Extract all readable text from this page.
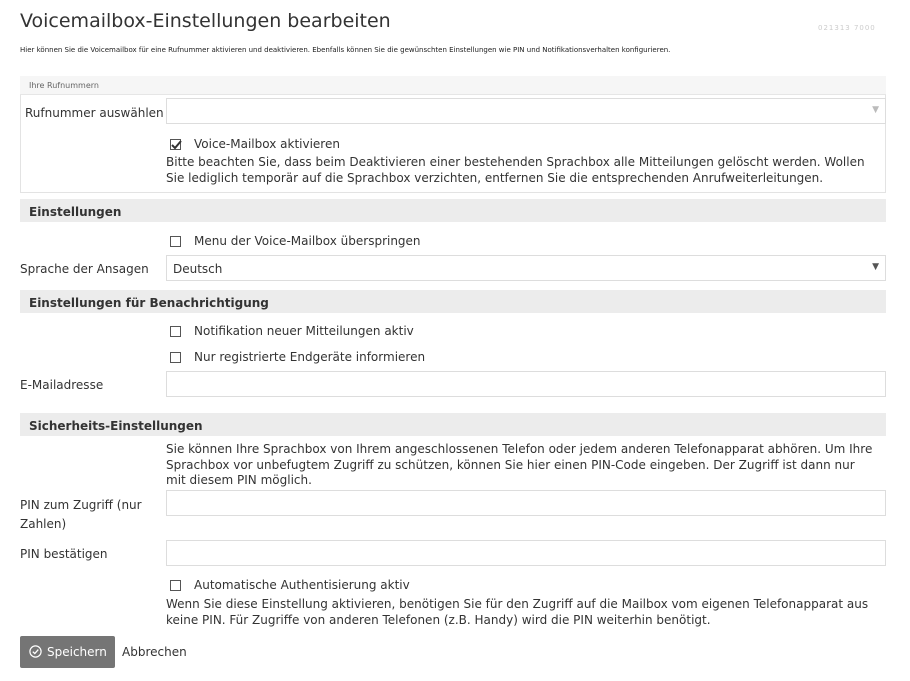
Voicemailbox-Einstellungen bearbeiten	021313 7000
Hier können Sie die Voicemailbox für eine Rufnummer aktivieren und deaktivieren. Ebenfalls können Sie die gewünschten Einstellungen wie PIN und Notifikationsverhalten konfigurieren.
Ihre Rufnummern
Rufnummer auswählen	▼
Voice-Mailbox aktivieren
Bitte beachten Sie, dass beim Deaktivieren einer bestehenden Sprachbox alle Mitteilungen gelöscht werden. Wollen Sie lediglich temporär auf die Sprachbox verzichten, entfernen Sie die entsprechenden Anrufweiterleitungen.
Einstellungen
Menu der Voice-Mailbox überspringen
Sprache der Ansagen Deutsch	▼
Einstellungen für Benachrichtigung
Notifikation neuer Mitteilungen aktiv
Nur registrierte Endgeräte informieren
E-Mailadresse
Sicherheits-Einstellungen
Sie können Ihre Sprachbox von Ihrem angeschlossenen Telefon oder jedem anderen Telefonapparat abhören. Um Ihre Sprachbox vor unbefugtem Zugriff zu schützen, können Sie hier einen PIN-Code eingeben. Der Zugriff ist dann nur mit diesem PIN möglich.
PIN zum Zugriff (nur Zahlen)
PIN bestätigen
Automatische Authentisierung aktiv
Wenn Sie diese Einstellung aktivieren, benötigen Sie für den Zugriff auf die Mailbox vom eigenen Telefonapparat aus keine PIN. Für Zugriffe von anderen Telefonen (z.B. Handy) wird die PIN weiterhin benötigt.
Speichern Abbrechen
